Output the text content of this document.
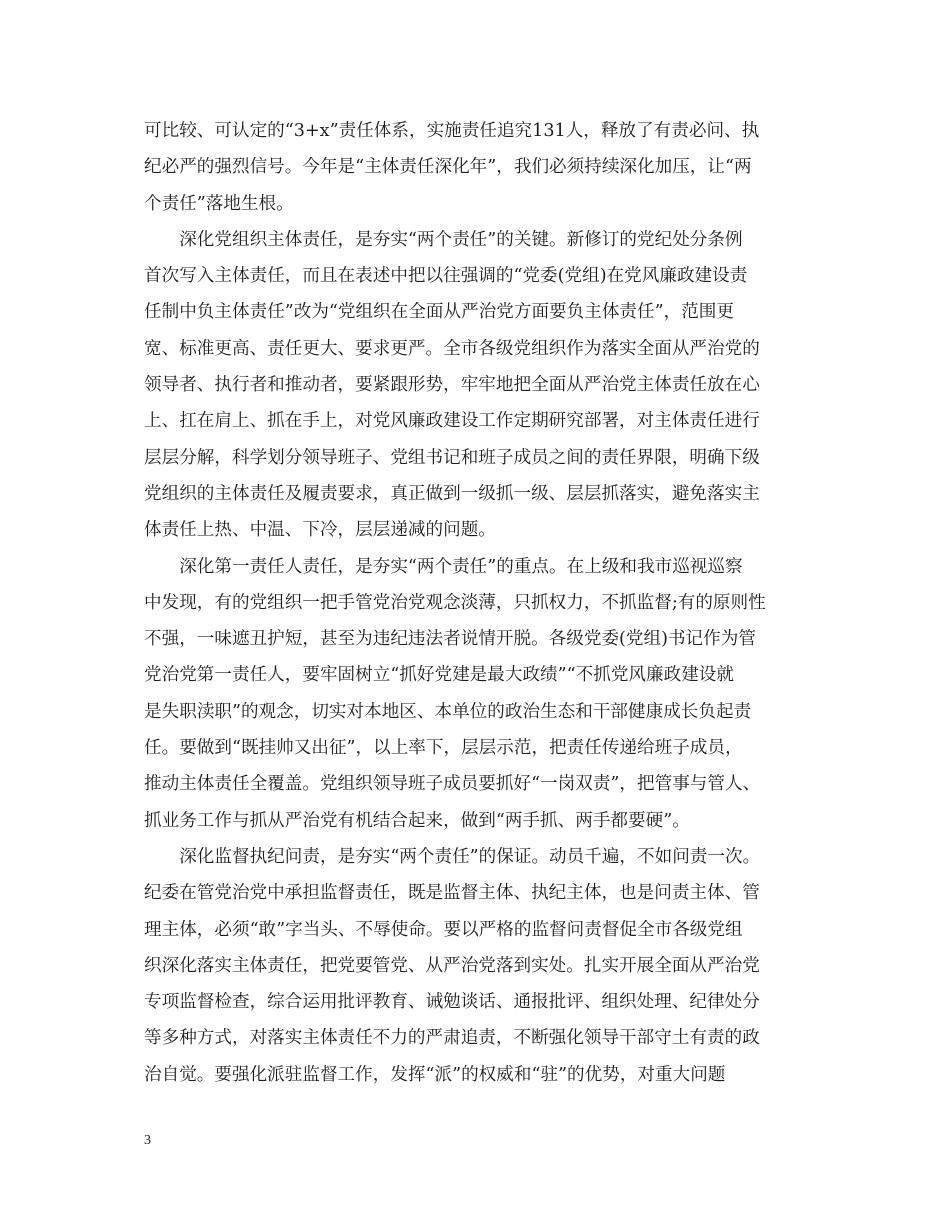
可比较、可认定的“3+x”责任体系，实施责任追究131人，释放了有责必问、执
纪必严的强烈信号。今年是“主体责任深化年”，我们必须持续深化加压，让“两
个责任”落地生根。
　　深化党组织主体责任，是夯实“两个责任”的关键。新修订的党纪处分条例
首次写入主体责任，而且在表述中把以往强调的“党委(党组)在党风廉政建设责
任制中负主体责任”改为“党组织在全面从严治党方面要负主体责任”，范围更
宽、标准更高、责任更大、要求更严。全市各级党组织作为落实全面从严治党的
领导者、执行者和推动者，要紧跟形势，牢牢地把全面从严治党主体责任放在心
上、扛在肩上、抓在手上，对党风廉政建设工作定期研究部署，对主体责任进行
层层分解，科学划分领导班子、党组书记和班子成员之间的责任界限，明确下级
党组织的主体责任及履责要求，真正做到一级抓一级、层层抓落实，避免落实主
体责任上热、中温、下冷，层层递减的问题。
　　深化第一责任人责任，是夯实“两个责任”的重点。在上级和我市巡视巡察
中发现，有的党组织一把手管党治党观念淡薄，只抓权力，不抓监督;有的原则性
不强，一味遮丑护短，甚至为违纪违法者说情开脱。各级党委(党组)书记作为管
党治党第一责任人，要牢固树立“抓好党建是最大政绩”“不抓党风廉政建设就
是失职渎职”的观念，切实对本地区、本单位的政治生态和干部健康成长负起责
任。要做到“既挂帅又出征”，以上率下，层层示范，把责任传递给班子成员，
推动主体责任全覆盖。党组织领导班子成员要抓好“一岗双责”，把管事与管人、
抓业务工作与抓从严治党有机结合起来，做到“两手抓、两手都要硬”。
　　深化监督执纪问责，是夯实“两个责任”的保证。动员千遍，不如问责一次。
纪委在管党治党中承担监督责任，既是监督主体、执纪主体，也是问责主体、管
理主体，必须“敢”字当头、不辱使命。要以严格的监督问责督促全市各级党组
织深化落实主体责任，把党要管党、从严治党落到实处。扎实开展全面从严治党
专项监督检查，综合运用批评教育、诫勉谈话、通报批评、组织处理、纪律处分
等多种方式，对落实主体责任不力的严肃追责，不断强化领导干部守土有责的政
治自觉。要强化派驻监督工作，发挥“派”的权威和“驻”的优势，对重大问题
3
